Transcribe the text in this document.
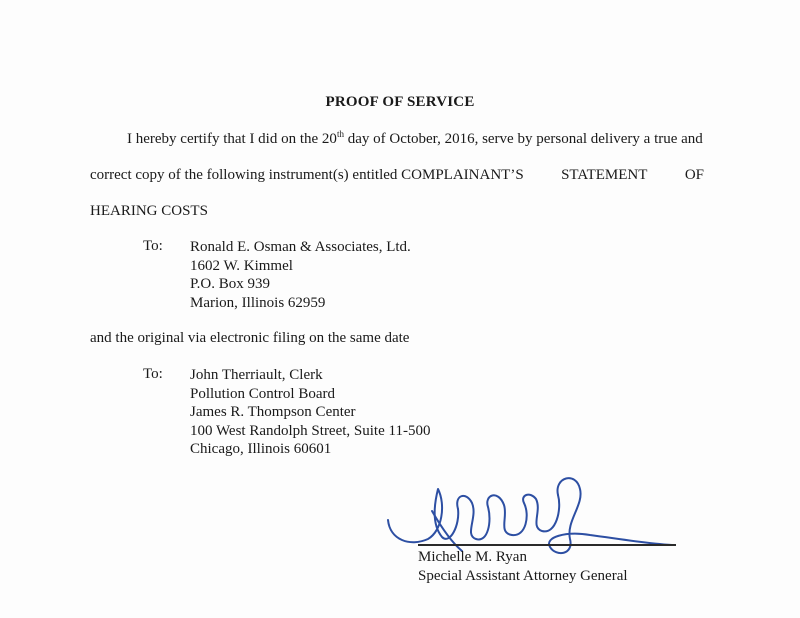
PROOF OF SERVICE
I hereby certify that I did on the 20th day of October, 2016, serve by personal delivery a true and
correct copy of the following instrument(s) entitled COMPLAINANT’S STATEMENT OF
HEARING COSTS
To: Ronald E. Osman & Associates, Ltd.
1602 W. Kimmel
P.O. Box 939
Marion, Illinois 62959
and the original via electronic filing on the same date
To: John Therriault, Clerk
Pollution Control Board
James R. Thompson Center
100 West Randolph Street, Suite 11-500
Chicago, Illinois 60601
Michelle M. Ryan
Special Assistant Attorney General
